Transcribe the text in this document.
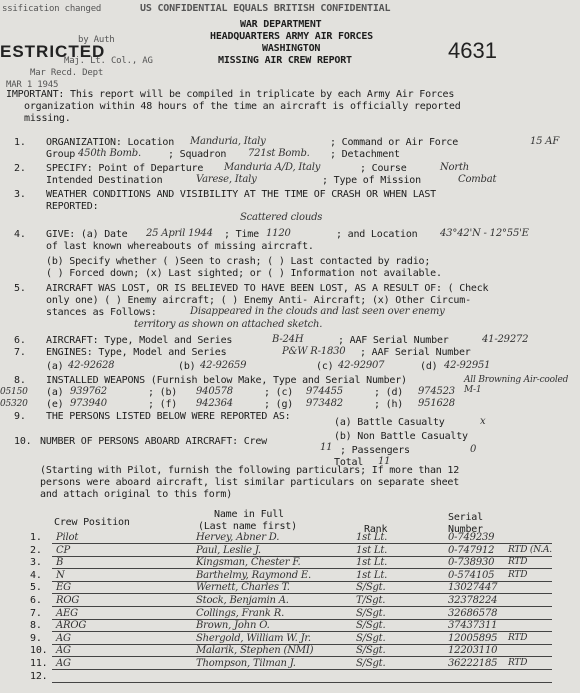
4631
ssification changed
ESTRICTED
by Auth
Maj. Lt. Col., AG
Mar Recd. Dept
MAR 1 1945
US CONFIDENTIAL EQUALS BRITISH CONFIDENTIAL
WAR DEPARTMENT
HEADQUARTERS ARMY AIR FORCES
WASHINGTON
MISSING AIR CREW REPORT
IMPORTANT: This report will be compiled in triplicate by each Army Air Forces
organization within 48 hours of the time an aircraft is officially reported
missing.
1. ORGANIZATION: Location Manduria, Italy	; Command or Air Force	15 AF
Group 450th Bomb.	; Squadron 721st Bomb. ; Detachment
2. SPECIFY: Point of Departure Manduria A/D, Italy	; Course	North
Intended Destination	Varese, Italy	; Type of Mission	Combat
3. WEATHER CONDITIONS AND VISIBILITY AT THE TIME OF CRASH OR WHEN LAST
REPORTED:
Scattered clouds
4. GIVE: (a) Date 25 April 1944 ; Time 1120	; and Location 43°42'N - 12°55'E
of last known whereabouts of missing aircraft.
(b) Specify whether ( )Seen to crash; ( ) Last contacted by radio;
( ) Forced down; (x) Last sighted; or ( ) Information not available.
5. AIRCRAFT WAS LOST, OR IS BELIEVED TO HAVE BEEN LOST, AS A RESULT OF: ( Check
only one) ( ) Enemy aircraft; ( ) Enemy Anti- Aircraft; (x) Other Circum-
stances as Follows:	Disappeared in the clouds and last seen over enemy
territory as shown on attached sketch.
6. AIRCRAFT: Type, Model and Series	B-24H	; AAF Serial Number	41-29272
7. ENGINES: Type, Model and Series	P&W R-1830 ; AAF Serial Number
(a) 42-92628	(b) 42-92659	(c) 42-92907	(d) 42-92951
8. INSTALLED WEAPONS (Furnish below Make, Type and Serial Number)	All Browning Air-cooled M-1
05150
05320
(a) 939762	; (b) 940578	; (c) 974455	; (d) 974523
(e) 973940	; (f) 942364	; (g) 973482	; (h) 951628
9. THE PERSONS LISTED BELOW WERE REPORTED AS:
(a) Battle Casualty	x
(b) Non Battle Casualty
10. NUMBER OF PERSONS ABOARD AIRCRAFT: Crew
11 ; Passengers	0
Total 11
(Starting with Pilot, furnish the following particulars; If more than 12
persons were aboard aircraft, list similar particulars on separate sheet
and attach original to this form)
Name in Full
(Last name first)
Serial
Number
Crew Position
Rank
1. Pilot	Hervey, Abner D.	1st Lt.	0-749239
2. CP	Paul, Leslie J.	1st Lt.	0-747912 RTD (N.A.
3. B	Kingsman, Chester F.	1st Lt.	0-738930 RTD
4. N	Barthelmy, Raymond E.	1st Lt.	0-574105 RTD
5. EG	Wernett, Charles T.	S/Sgt.	13027447
6. ROG	Stock, Benjamin A.	T/Sgt.	32378224
7. AEG	Collings, Frank R.	S/Sgt.	32686578
8. AROG	Brown, John O.	S/Sgt.	37437311
9. AG	Shergold, William W. Jr.	S/Sgt.	12005895 RTD
10. AG	Malarik, Stephen (NMI)	S/Sgt.	12203110
11. AG	Thompson, Tilman J.	S/Sgt.	36222185 RTD
12.
